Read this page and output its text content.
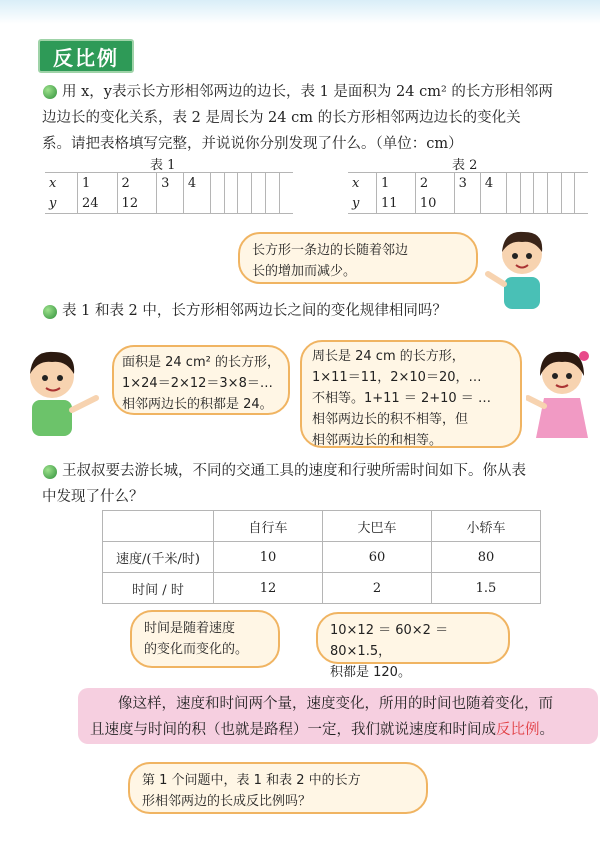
反比例
用 x，y表示长方形相邻两边的边长，表 1 是面积为 24 cm² 的长方形相邻两
边边长的变化关系，表 2 是周长为 24 cm 的长方形相邻两边边长的变化关
系。请把表格填写完整，并说说你分别发现了什么。（单位：cm）
表 1	表 2
x	1	2	3	4						
y	24	12								
x	1	2	3	4						
y	11	10								
长方形一条边的长随着邻边
长的增加而减少。
表 1 和表 2 中，长方形相邻两边长之间的变化规律相同吗？
面积是 24 cm² 的长方形，
1×24＝2×12＝3×8＝…
相邻两边长的积都是 24。
周长是 24 cm 的长方形，
1×11＝11，2×10＝20，…
不相等。1+11 ＝ 2+10 ＝ …
相邻两边长的积不相等，但
相邻两边长的和相等。
王叔叔要去游长城，不同的交通工具的速度和行驶所需时间如下。你从表
中发现了什么？
	自行车	大巴车	小轿车
速度/(千米/时)	10	60	80
时间 / 时	12	2	1.5
时间是随着速度
的变化而变化的。
10×12 ＝ 60×2 ＝ 80×1.5，
积都是 120。
像这样，速度和时间两个量，速度变化，所用的时间也随着变化，而
且速度与时间的积（也就是路程）一定，我们就说速度和时间成反比例。
第 1 个问题中，表 1 和表 2 中的长方
形相邻两边的长成反比例吗？
